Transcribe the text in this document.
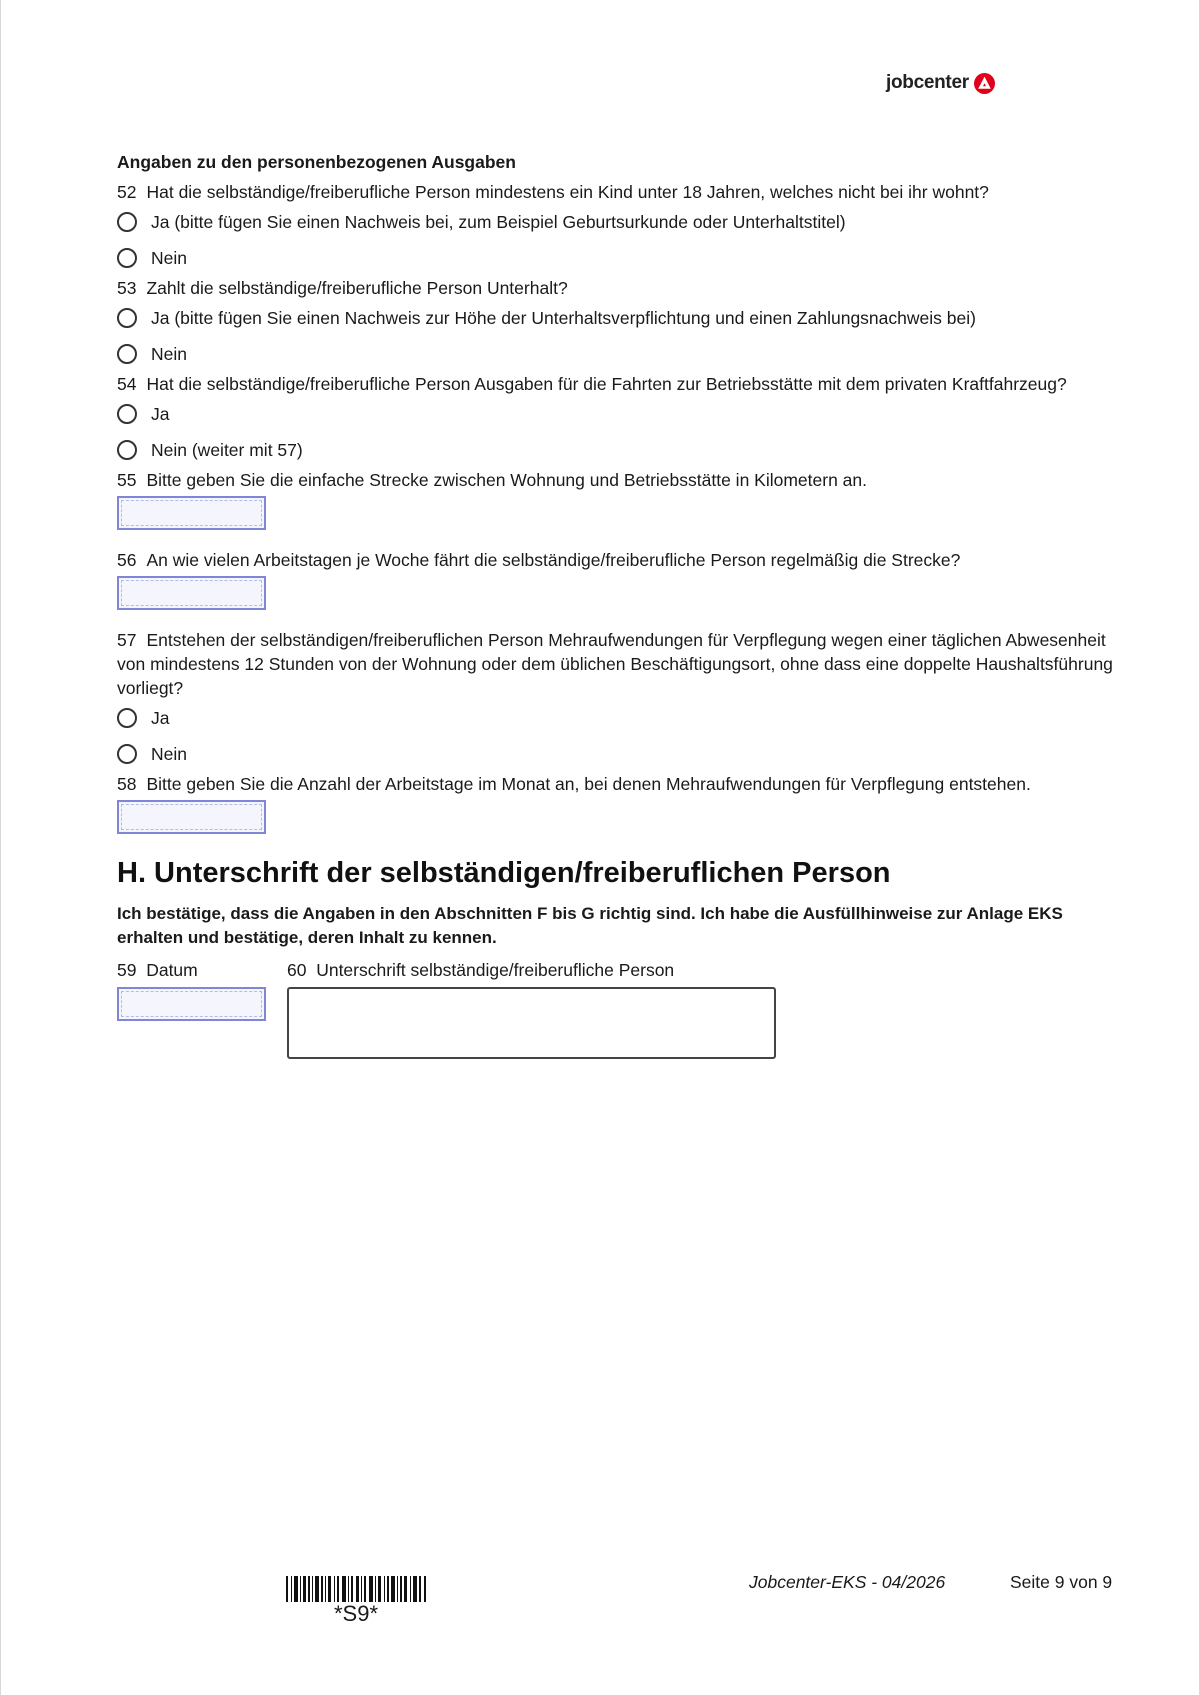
jobcenter
Angaben zu den personenbezogenen Ausgaben
52 Hat die selbständige/freiberufliche Person mindestens ein Kind unter 18 Jahren, welches nicht bei ihr wohnt?
Ja (bitte fügen Sie einen Nachweis bei, zum Beispiel Geburtsurkunde oder Unterhaltstitel)
Nein
53 Zahlt die selbständige/freiberufliche Person Unterhalt?
Ja (bitte fügen Sie einen Nachweis zur Höhe der Unterhaltsverpflichtung und einen Zahlungsnachweis bei)
Nein
54 Hat die selbständige/freiberufliche Person Ausgaben für die Fahrten zur Betriebsstätte mit dem privaten Kraftfahrzeug?
Ja
Nein (weiter mit 57)
55 Bitte geben Sie die einfache Strecke zwischen Wohnung und Betriebsstätte in Kilometern an.
56 An wie vielen Arbeitstagen je Woche fährt die selbständige/freiberufliche Person regelmäßig die Strecke?
57 Entstehen der selbständigen/freiberuflichen Person Mehraufwendungen für Verpflegung wegen einer täglichen Abwesenheit von mindestens 12 Stunden von der Wohnung oder dem üblichen Beschäftigungsort, ohne dass eine doppelte Haushaltsführung vorliegt?
Ja
Nein
58 Bitte geben Sie die Anzahl der Arbeitstage im Monat an, bei denen Mehraufwendungen für Verpflegung entstehen.
H. Unterschrift der selbständigen/freiberuflichen Person
Ich bestätige, dass die Angaben in den Abschnitten F bis G richtig sind. Ich habe die Ausfüllhinweise zur Anlage EKS erhalten und bestätige, deren Inhalt zu kennen.
59 Datum	60 Unterschrift selbständige/freiberufliche Person
*S9*
Jobcenter-EKS - 04/2026	Seite 9 von 9
